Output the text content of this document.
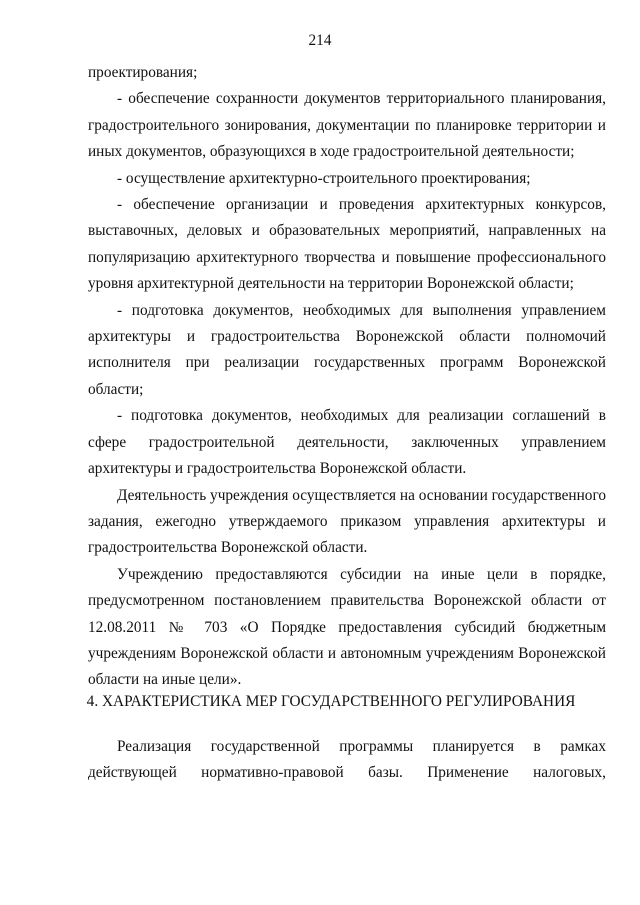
214

проектирования;

- обеспечение сохранности документов территориального планирования, градостроительного зонирования, документации по планировке территории и иных документов, образующихся в ходе градостроительной деятельности;

- осуществление архитектурно-строительного проектирования;

- обеспечение организации и проведения архитектурных конкурсов, выставочных, деловых и образовательных мероприятий, направленных на популяризацию архитектурного творчества и повышение профессионального уровня архитектурной деятельности на территории Воронежской области;

- подготовка документов, необходимых для выполнения управлением архитектуры и градостроительства Воронежской области полномочий исполнителя при реализации государственных программ Воронежской области;

- подготовка документов, необходимых для реализации соглашений в сфере градостроительной деятельности, заключенных управлением архитектуры и градостроительства Воронежской области.

Деятельность учреждения осуществляется на основании государственного задания, ежегодно утверждаемого приказом управления архитектуры и градостроительства Воронежской области.

Учреждению предоставляются субсидии на иные цели в порядке, предусмотренном постановлением правительства Воронежской области от 12.08.2011 № 703 «О Порядке предоставления субсидий бюджетным учреждениям Воронежской области и автономным учреждениям Воронежской области на иные цели».

4. ХАРАКТЕРИСТИКА МЕР ГОСУДАРСТВЕННОГО РЕГУЛИРОВАНИЯ

Реализация государственной программы планируется в рамках действующей нормативно-правовой базы. Применение налоговых,
